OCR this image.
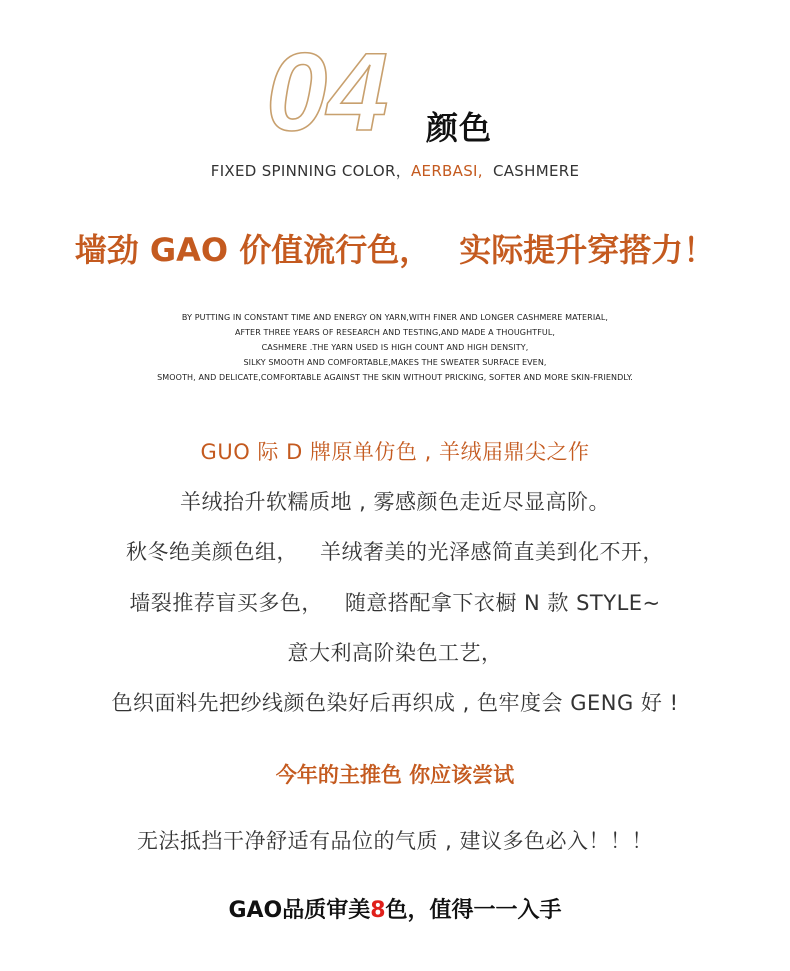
04 颜色
FIXED SPINNING COLOR，AERBASI, CASHMERE
墙劲 GAO 价值流行色， 实际提升穿搭力！
BY PUTTING IN CONSTANT TIME AND ENERGY ON YARN,WITH FINER AND LONGER CASHMERE MATERIAL,
AFTER THREE YEARS OF RESEARCH AND TESTING,AND MADE A THOUGHTFUL,
CASHMERE .THE YARN USED IS HIGH COUNT AND HIGH DENSITY,
SILKY SMOOTH AND COMFORTABLE,MAKES THE SWEATER SURFACE EVEN,
SMOOTH, AND DELICATE,COMFORTABLE AGAINST THE SKIN WITHOUT PRICKING, SOFTER AND MORE SKIN-FRIENDLY.
GUO 际 D 牌原单仿色 , 羊绒届鼎尖之作
羊绒抬升软糯质地 , 雾感颜色走近尽显高阶。
秋冬绝美颜色组， 羊绒奢美的光泽感简直美到化不开，
墙裂推荐盲买多色， 随意搭配拿下衣橱 N 款 STYLE~
意大利高阶染色工艺，
色织面料先把纱线颜色染好后再织成 , 色牢度会 GENG 好 !
今年的主推色 你应该尝试
无法抵挡干净舒适有品位的气质 , 建议多色必入！！！
GAO品质审美8色，值得一一入手
